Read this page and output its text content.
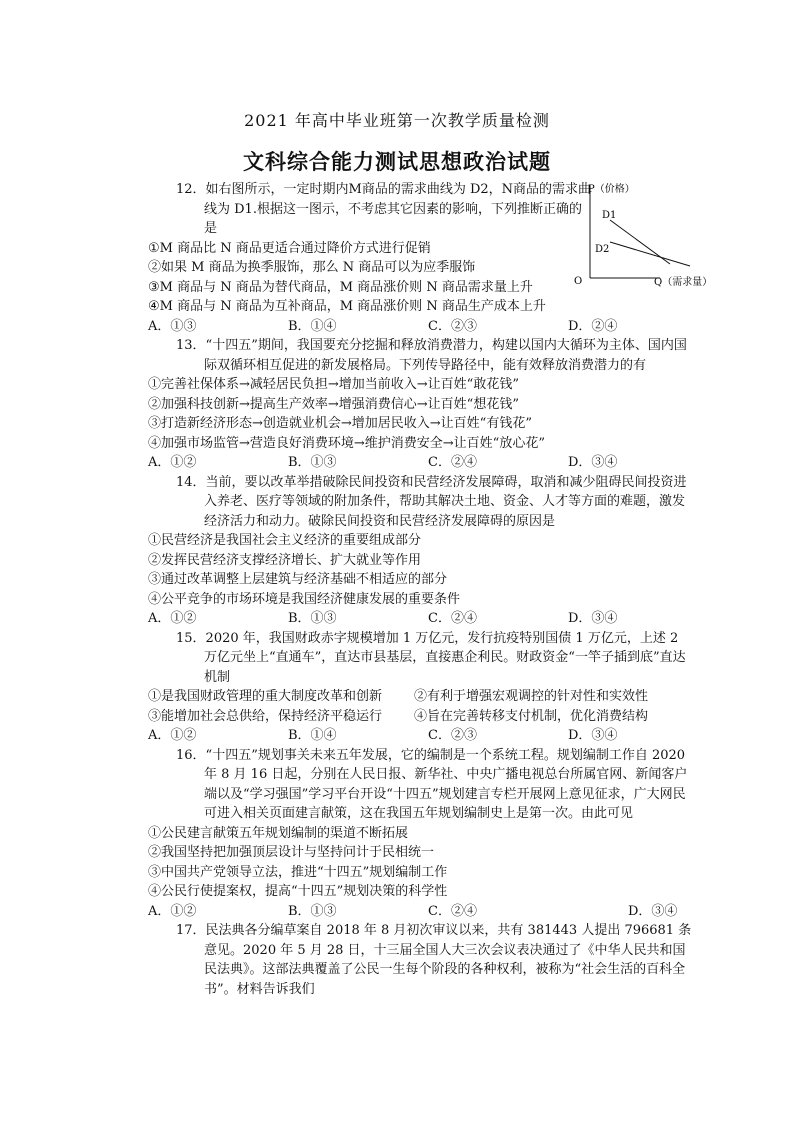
2021 年高中毕业班第一次教学质量检测
文科综合能力测试思想政治试题
P（价格）
D1
D2
O	Q（需求量）
12．如右图所示，一定时期内M商品的需求曲线为 D2，N商品的需求曲线为 D1.根据这一图示，不考虑其它因素的影响，下列推断正确的是
①M 商品比 N 商品更适合通过降价方式进行促销
②如果 M 商品为换季服饰，那么 N 商品可以为应季服饰
③M 商品与 N 商品为替代商品，M 商品涨价则 N 商品需求量上升
④M 商品与 N 商品为互补商品，M 商品涨价则 N 商品生产成本上升
A．①③	B．①④	C．②③	D．②④
13．“十四五”期间，我国要充分挖掘和释放消费潜力，构建以国内大循环为主体、国内国际双循环相互促进的新发展格局。下列传导路径中，能有效释放消费潜力的有
①完善社保体系→减轻居民负担→增加当前收入→让百姓“敢花钱”
②加强科技创新→提高生产效率→增强消费信心→让百姓“想花钱”
③打造新经济形态→创造就业机会→增加居民收入→让百姓“有钱花”
④加强市场监管→营造良好消费环境→维护消费安全→让百姓“放心花”
A．①②	B．①③	C．②④	D．③④
14．当前，要以改革举措破除民间投资和民营经济发展障碍，取消和减少阻碍民间投资进入养老、医疗等领域的附加条件，帮助其解决土地、资金、人才等方面的难题，激发经济活力和动力。破除民间投资和民营经济发展障碍的原因是
①民营经济是我国社会主义经济的重要组成部分
②发挥民营经济支撑经济增长、扩大就业等作用
③通过改革调整上层建筑与经济基础不相适应的部分
④公平竞争的市场环境是我国经济健康发展的重要条件
A．①②	B．①③	C．②④	D．③④
15．2020 年，我国财政赤字规模增加 1 万亿元，发行抗疫特别国债 1 万亿元，上述 2 万亿元坐上“直通车”，直达市县基层，直接惠企利民。财政资金“一竿子插到底”直达机制
①是我国财政管理的重大制度改革和创新	②有利于增强宏观调控的针对性和实效性
③能增加社会总供给，保持经济平稳运行	④旨在完善转移支付机制，优化消费结构
A．①②	B．①④	C．②③	D．③④
16．“十四五”规划事关未来五年发展，它的编制是一个系统工程。规划编制工作自 2020 年 8 月 16 日起，分别在人民日报、新华社、中央广播电视总台所属官网、新闻客户端以及“学习强国”学习平台开设“十四五”规划建言专栏开展网上意见征求，广大网民可进入相关页面建言献策，这在我国五年规划编制史上是第一次。由此可见
①公民建言献策五年规划编制的渠道不断拓展
②我国坚持把加强顶层设计与坚持问计于民相统一
③中国共产党领导立法，推进“十四五”规划编制工作
④公民行使提案权，提高“十四五”规划决策的科学性
A．①②	B．①③	C．②④	D．③④
17．民法典各分编草案自 2018 年 8 月初次审议以来，共有 381443 人提出 796681 条意见。2020 年 5 月 28 日，十三届全国人大三次会议表决通过了《中华人民共和国民法典》。这部法典覆盖了公民一生每个阶段的各种权利，被称为“社会生活的百科全书”。材料告诉我们
